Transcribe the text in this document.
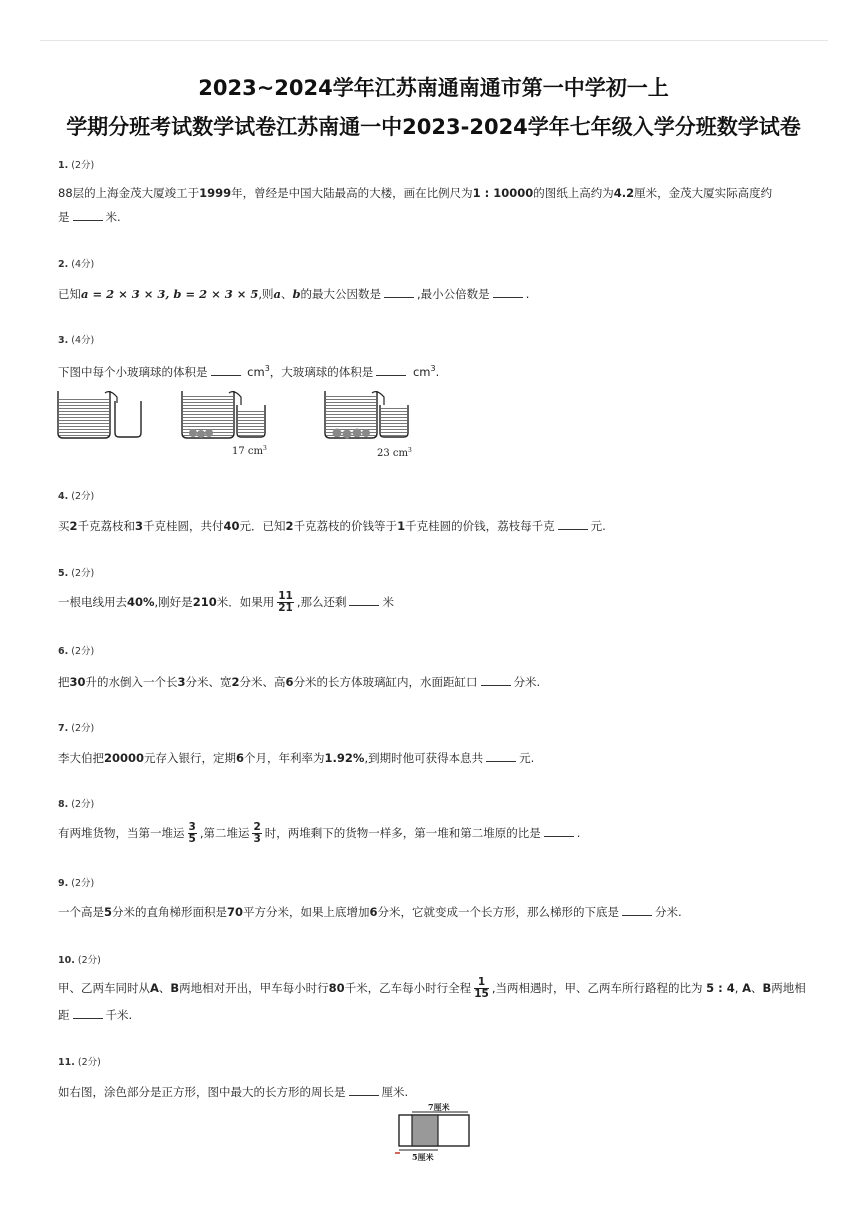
2023~2024学年江苏南通南通市第一中学初一上
学期分班考试数学试卷江苏南通一中2023-2024学年七年级入学分班数学试卷
1. (2分)
88层的上海金茂大厦竣工于1999年，曾经是中国大陆最高的大楼，画在比例尺为1 : 10000的图纸上高约为4.2厘米，金茂大厦实际高度约
是	米.
2. (4分)
已知a = 2 × 3 × 3, b = 2 × 3 × 5,则a、b的最大公因数是	,最小公倍数是	.
3. (4分)
下图中每个小玻璃球的体积是	$cm^3$，大玻璃球的体积是	$cm^3$.
17 $cm^3$	23 $cm^3$
4. (2分)
买2千克荔枝和3千克桂圆，共付40元．已知2千克荔枝的价钱等于1千克桂圆的价钱，荔枝每千克	元.
5. (2分)
一根电线用去40%,刚好是210米．如果用 $\frac{11}{21}$ ,那么还剩	米
6. (2分)
把30升的水倒入一个长3分米、宽2分米、高6分米的长方体玻璃缸内，水面距缸口	分米.
7. (2分)
李大伯把20000元存入银行，定期6个月，年利率为1.92%,到期时他可获得本息共	元.
8. (2分)
有两堆货物，当第一堆运 $\frac{3}{5}$ ,第二堆运 $\frac{2}{3}$ 时，两堆剩下的货物一样多，第一堆和第二堆原的比是	.
9. (2分)
一个高是5分米的直角梯形面积是70平方分米，如果上底增加6分米，它就变成一个长方形，那么梯形的下底是	分米.
10. (2分)
甲、乙两车同时从A、B两地相对开出，甲车每小时行80千米，乙车每小时行全程 $\frac{1}{15}$ ,当两相遇时，甲、乙两车所行路程的比为 5 : 4, A、B两地相
距	千米.
11. (2分)
如右图，涂色部分是正方形，图中最大的长方形的周长是	厘米.
7厘米
5厘米
